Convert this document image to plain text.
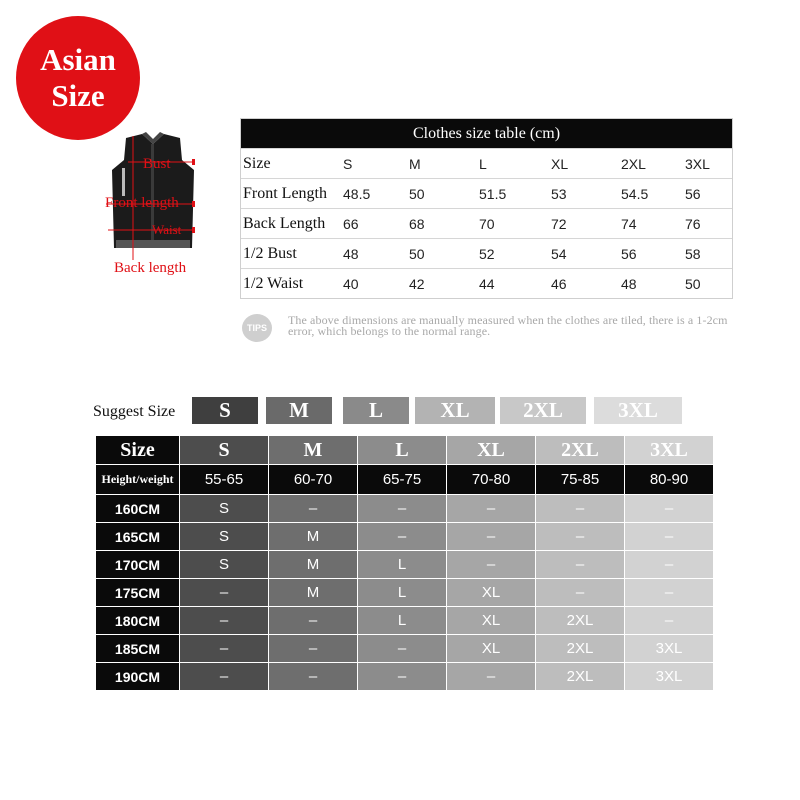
Asian
Size
Bust
Front length
Waist
Back length
Clothes size table (cm)
Size	S	M	L	XL	2XL	3XL
Front Length	48.5	50	51.5	53	54.5	56
Back Length	66	68	70	72	74	76
1/2 Bust	48	50	52	54	56	58
1/2 Waist	40	42	44	46	48	50
TIPS
The above dimensions are manually measured when the clothes are tiled, there is a 1-2cm error, which belongs to the normal range.
Suggest Size	S	M	L	XL	2XL	3XL
Size	S	M	L	XL	2XL	3XL
Height/weight	55-65	60-70	65-75	70-80	75-85	80-90
160CM	S	–	–	–	–	–
165CM	S	M	–	–	–	–
170CM	S	M	L	–	–	–
175CM	–	M	L	XL	–	–
180CM	–	–	L	XL	2XL	–
185CM	–	–	–	XL	2XL	3XL
190CM	–	–	–	–	2XL	3XL
